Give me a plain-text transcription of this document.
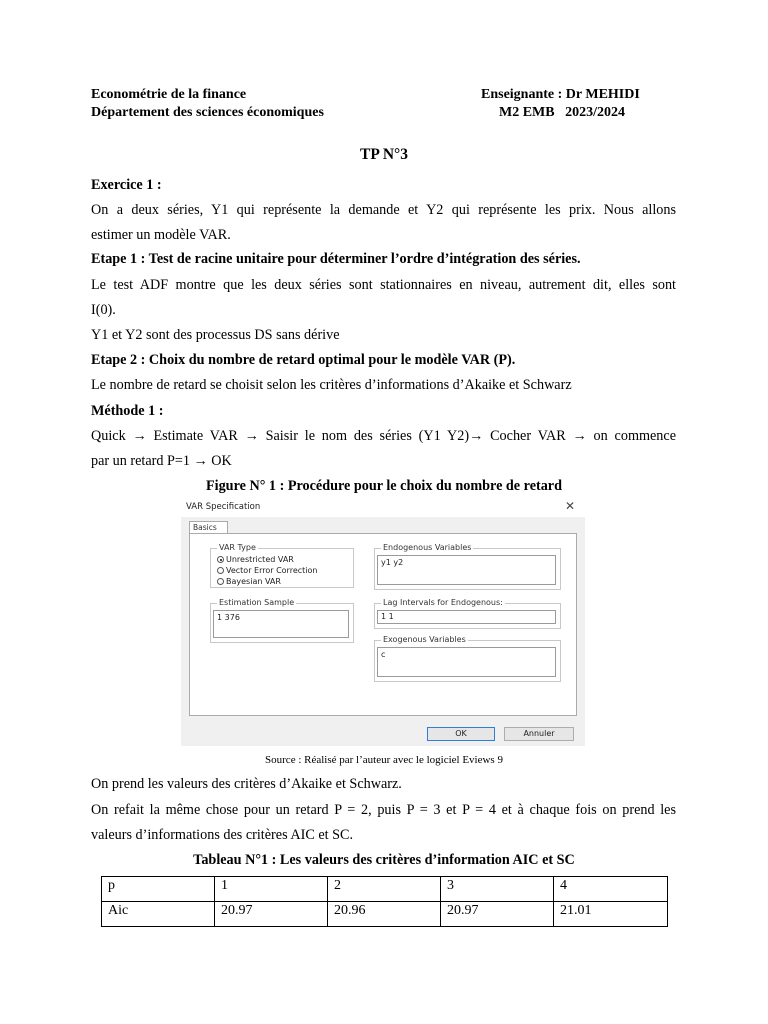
Econométrie de la finance
Département des sciences économiques
Enseignante : Dr MEHIDI
M2 EMB   2023/2024
TP N°3
Exercice 1 :
On a deux séries, Y1 qui représente la demande et Y2 qui représente les prix. Nous allons
estimer un modèle VAR.
Etape 1 : Test de racine unitaire pour déterminer l’ordre d’intégration des séries.
Le test ADF montre que les deux séries sont stationnaires en niveau, autrement dit, elles sont
I(0).
Y1 et Y2 sont des processus DS sans dérive
Etape 2 : Choix du nombre de retard optimal pour le modèle VAR (P).
Le nombre de retard se choisit selon les critères d’informations d’Akaike et Schwarz
Méthode 1 :
Quick → Estimate VAR → Saisir le nom des séries (Y1 Y2)→ Cocher VAR → on commence
par un retard P=1 → OK
Figure N° 1 : Procédure pour le choix du nombre de retard
VAR Specification	✕
Basics
VAR Type
Unrestricted VAR
Vector Error Correction
Bayesian VAR
Endogenous Variables
y1 y2
Estimation Sample
1 376
Lag Intervals for Endogenous:
1 1
Exogenous Variables
c
OK	Annuler
Source : Réalisé par l’auteur avec le logiciel Eviews 9
On prend les valeurs des critères d’Akaike et Schwarz.
On refait la même chose pour un retard P = 2, puis P = 3 et P = 4 et à chaque fois on prend les
valeurs d’informations des critères AIC et SC.
Tableau N°1 : Les valeurs des critères d’information AIC et SC
p	1	2	3	4
Aic	20.97	20.96	20.97	21.01
